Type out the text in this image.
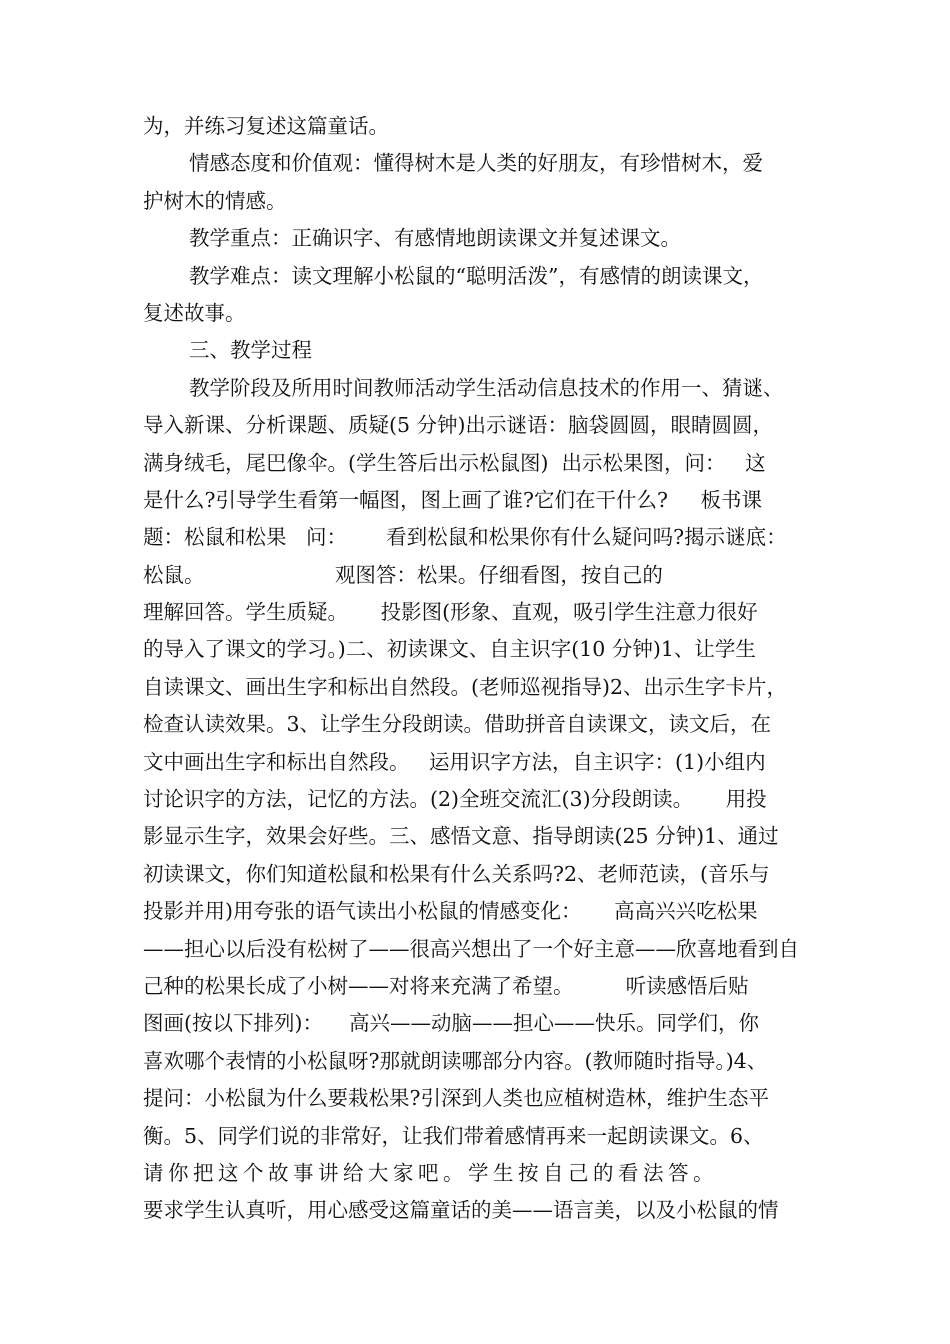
为，并练习复述这篇童话。
情感态度和价值观：懂得树木是人类的好朋友，有珍惜树木，爱
护树木的情感。
教学重点：正确识字、有感情地朗读课文并复述课文。
教学难点：读文理解小松鼠的“聪明活泼”，有感情的朗读课文，
复述故事。
三、教学过程
教学阶段及所用时间教师活动学生活动信息技术的作用一、猜谜、
导入新课、分析课题、质疑(5 分钟)出示谜语：脑袋圆圆，眼睛圆圆，
满身绒毛，尾巴像伞。(学生答后出示松鼠图)  出示松果图，问：   这
是什么?引导学生看第一幅图，图上画了谁?它们在干什么?     板书课
题：松鼠和松果   问：      看到松鼠和松果你有什么疑问吗?揭示谜底：
松鼠。                    观图答：松果。仔细看图，按自己的
理解回答。学生质疑。     投影图(形象、直观，吸引学生注意力很好
的导入了课文的学习。)二、初读课文、自主识字(10 分钟)1、让学生
自读课文、画出生字和标出自然段。(老师巡视指导)2、出示生字卡片，
检查认读效果。3、让学生分段朗读。借助拼音自读课文，读文后，在
文中画出生字和标出自然段。   运用识字方法，自主识字：(1)小组内
讨论识字的方法，记忆的方法。(2)全班交流汇(3)分段朗读。     用投
影显示生字，效果会好些。三、感悟文意、指导朗读(25 分钟)1、通过
初读课文，你们知道松鼠和松果有什么关系吗?2、老师范读，(音乐与
投影并用)用夸张的语气读出小松鼠的情感变化：     高高兴兴吃松果
——担心以后没有松树了——很高兴想出了一个好主意——欣喜地看到自
己种的松果长成了小树——对将来充满了希望。        听读感悟后贴
图画(按以下排列)：    高兴——动脑——担心——快乐。同学们，你
喜欢哪个表情的小松鼠呀?那就朗读哪部分内容。(教师随时指导。)4、
提问：小松鼠为什么要栽松果?引深到人类也应植树造林，维护生态平
衡。5、同学们说的非常好，让我们带着感情再来一起朗读课文。6、
请你把这个故事讲给大家吧。学生按自己的看法答。
要求学生认真听，用心感受这篇童话的美——语言美，以及小松鼠的情
